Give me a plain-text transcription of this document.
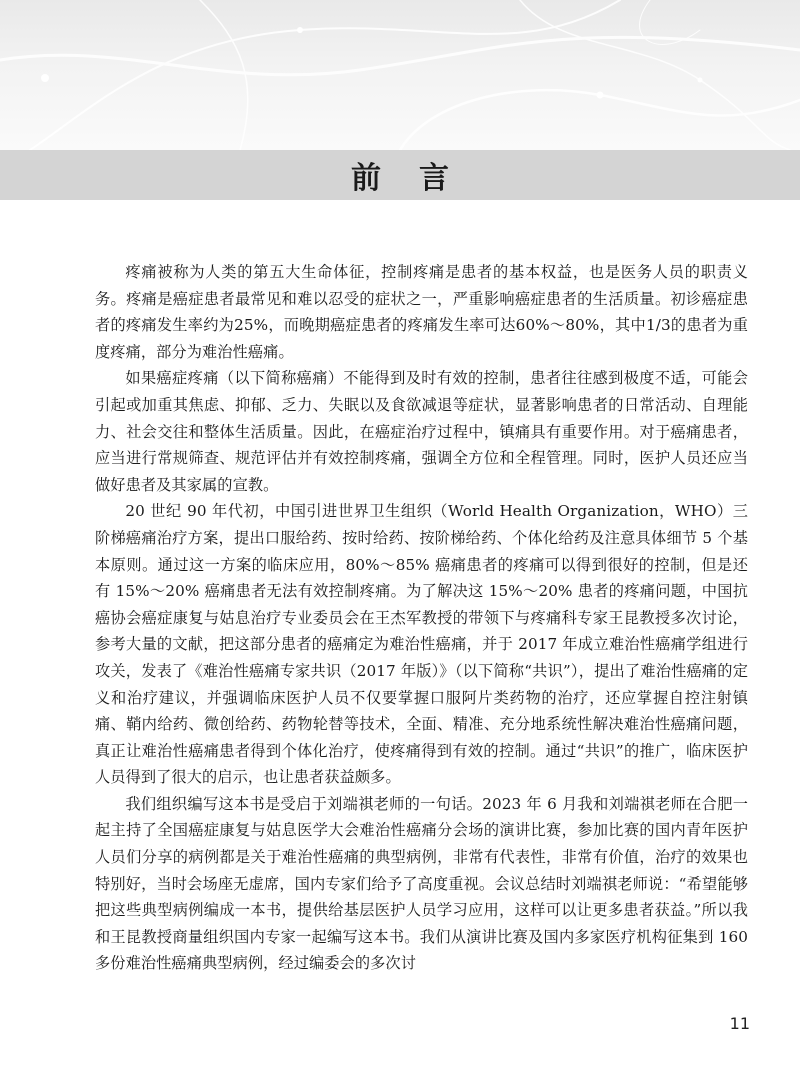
前言

疼痛被称为人类的第五大生命体征，控制疼痛是患者的基本权益，也是医务人员的职责义务。疼痛是癌症患者最常见和难以忍受的症状之一，严重影响癌症患者的生活质量。初诊癌症患者的疼痛发生率约为25%，而晚期癌症患者的疼痛发生率可达60%～80%，其中1/3的患者为重度疼痛，部分为难治性癌痛。

如果癌症疼痛（以下简称癌痛）不能得到及时有效的控制，患者往往感到极度不适，可能会引起或加重其焦虑、抑郁、乏力、失眠以及食欲减退等症状，显著影响患者的日常活动、自理能力、社会交往和整体生活质量。因此，在癌症治疗过程中，镇痛具有重要作用。对于癌痛患者，应当进行常规筛查、规范评估并有效控制疼痛，强调全方位和全程管理。同时，医护人员还应当做好患者及其家属的宣教。

20 世纪 90 年代初，中国引进世界卫生组织（World Health Organization，WHO）三阶梯癌痛治疗方案，提出口服给药、按时给药、按阶梯给药、个体化给药及注意具体细节 5 个基本原则。通过这一方案的临床应用，80%～85% 癌痛患者的疼痛可以得到很好的控制，但是还有 15%～20% 癌痛患者无法有效控制疼痛。为了解决这 15%～20% 患者的疼痛问题，中国抗癌协会癌症康复与姑息治疗专业委员会在王杰军教授的带领下与疼痛科专家王昆教授多次讨论，参考大量的文献，把这部分患者的癌痛定为难治性癌痛，并于 2017 年成立难治性癌痛学组进行攻关，发表了《难治性癌痛专家共识（2017 年版）》（以下简称“共识”），提出了难治性癌痛的定义和治疗建议，并强调临床医护人员不仅要掌握口服阿片类药物的治疗，还应掌握自控注射镇痛、鞘内给药、微创给药、药物轮替等技术，全面、精准、充分地系统性解决难治性癌痛问题，真正让难治性癌痛患者得到个体化治疗，使疼痛得到有效的控制。通过“共识”的推广，临床医护人员得到了很大的启示，也让患者获益颇多。

我们组织编写这本书是受启于刘端祺老师的一句话。2023 年 6 月我和刘端祺老师在合肥一起主持了全国癌症康复与姑息医学大会难治性癌痛分会场的演讲比赛，参加比赛的国内青年医护人员们分享的病例都是关于难治性癌痛的典型病例，非常有代表性，非常有价值，治疗的效果也特别好，当时会场座无虚席，国内专家们给予了高度重视。会议总结时刘端祺老师说：“希望能够把这些典型病例编成一本书，提供给基层医护人员学习应用，这样可以让更多患者获益。”所以我和王昆教授商量组织国内专家一起编写这本书。我们从演讲比赛及国内多家医疗机构征集到 160 多份难治性癌痛典型病例，经过编委会的多次讨

11
